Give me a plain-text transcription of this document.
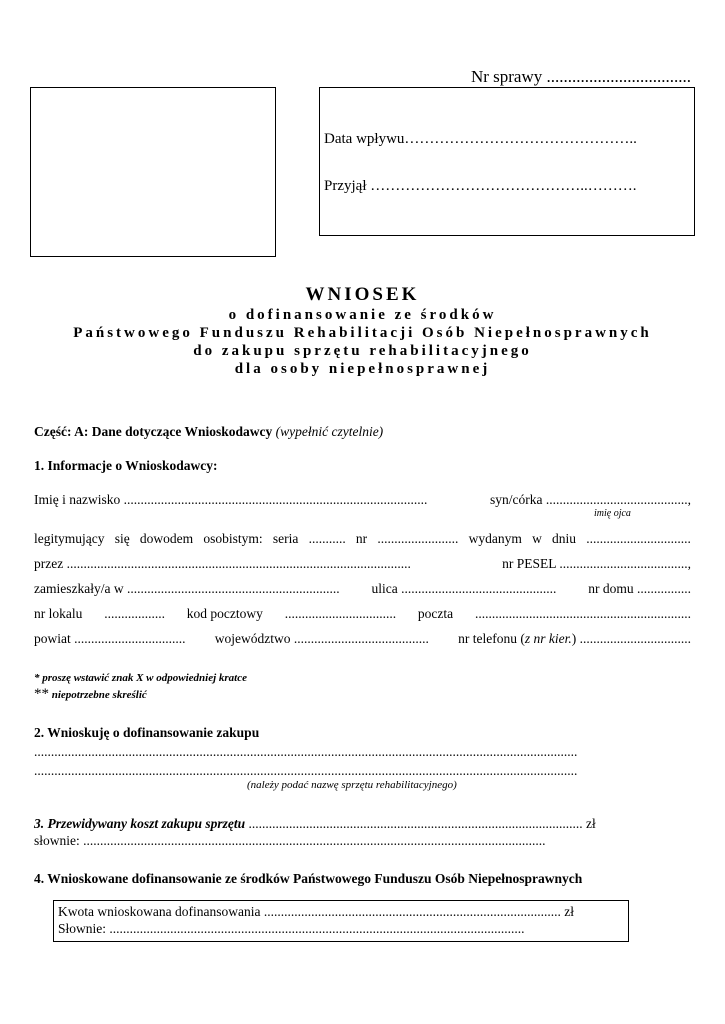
Nr sprawy ..................................
Data wpływu………………………………………..
Przyjął ……………………………………..……….
WNIOSEK
o dofinansowanie ze środków
Państwowego Funduszu Rehabilitacji Osób Niepełnosprawnych
do zakupu sprzętu rehabilitacyjnego
dla osoby niepełnosprawnej
Część: A: Dane dotyczące Wnioskodawcy (wypełnić czytelnie)
1. Informacje o Wnioskodawcy:
Imię i nazwisko ..........................................................................................	syn/córka ..........................................,
imię ojca
legitymujący się dowodem osobistym: seria ........... nr ........................ wydanym w dniu ...............................
przez ......................................................................................................	nr PESEL ......................................,
zamieszkały/a w ............................................................... ulica .............................................. nr domu ................
nr lokalu .................. kod pocztowy ................................. poczta ................................................................
powiat ................................. województwo ........................................ nr telefonu (z nr kier.) .................................
* proszę wstawić znak X w odpowiedniej kratce
** niepotrzebne skreślić
2. Wnioskuję o dofinansowanie zakupu
.................................................................................................................................................................
.................................................................................................................................................................
(należy podać nazwę sprzętu rehabilitacyjnego)
3. Przewidywany koszt zakupu sprzętu ................................................................................................... zł
słownie: .........................................................................................................................................
4. Wnioskowane dofinansowanie ze środków Państwowego Funduszu Osób Niepełnosprawnych
Kwota wnioskowana dofinansowania ........................................................................................ zł
Słownie: ...........................................................................................................................
